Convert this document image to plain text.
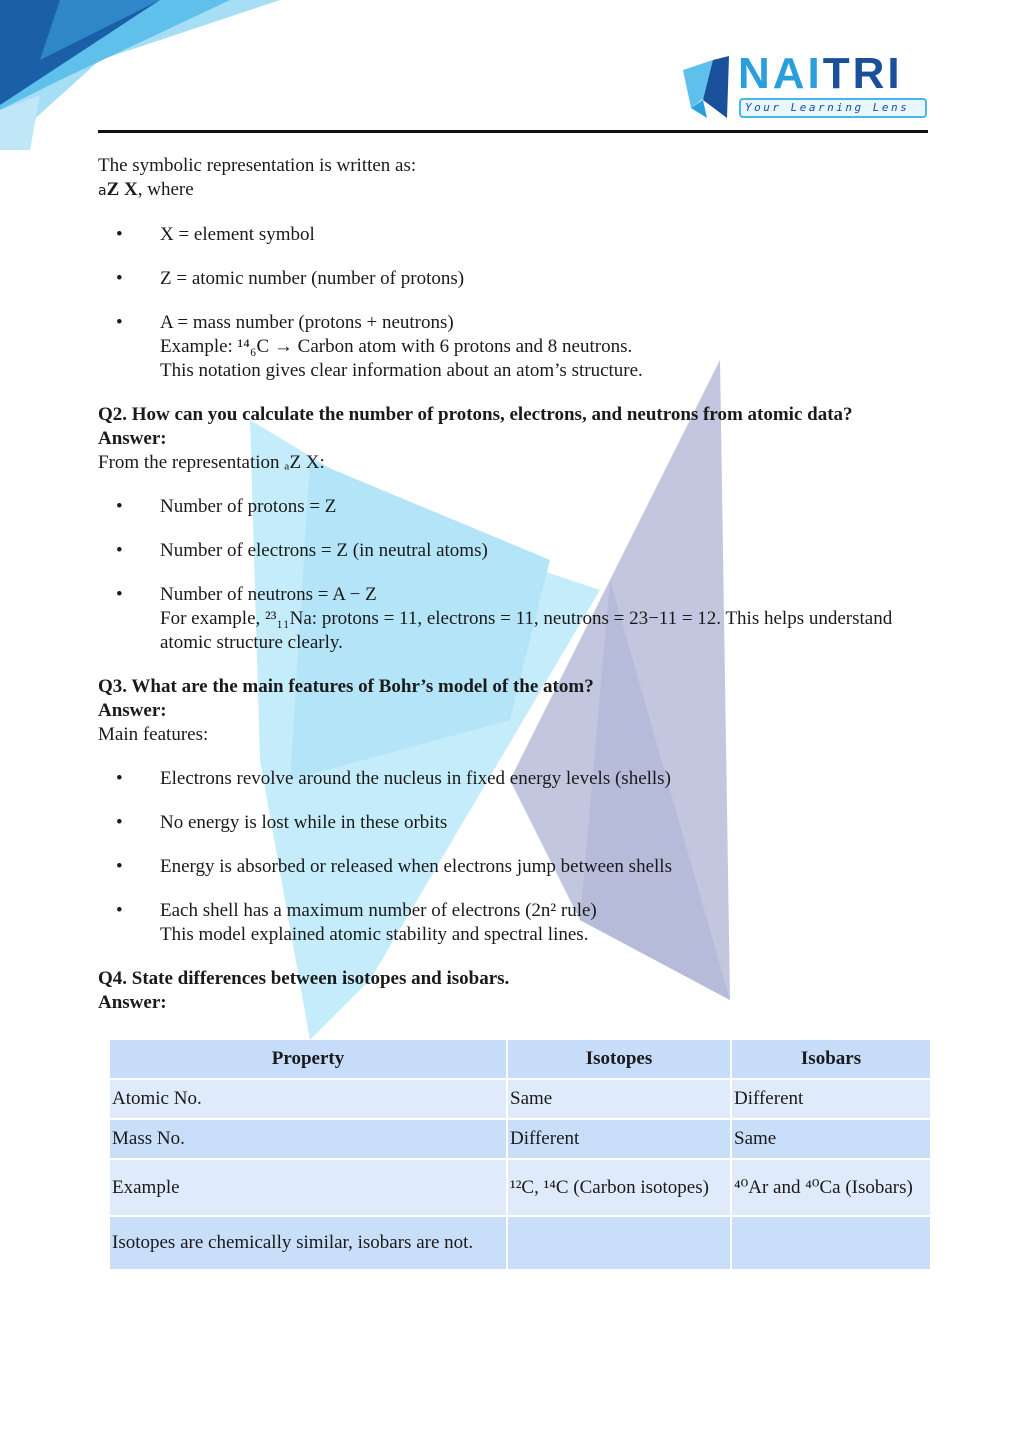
NAITRI
Your Learning Lens

The symbolic representation is written as:

aZ X, where

• X = element symbol
• Z = atomic number (number of protons)
• A = mass number (protons + neutrons)
Example: ¹⁴₆C → Carbon atom with 6 protons and 8 neutrons.
This notation gives clear information about an atom’s structure.

Q2. How can you calculate the number of protons, electrons, and neutrons from atomic data?

Answer:

From the representation ₐZ X:

• Number of protons = Z
• Number of electrons = Z (in neutral atoms)
• Number of neutrons = A − Z
For example, ²³₁₁Na: protons = 11, electrons = 11, neutrons = 23−11 = 12. This helps understand atomic structure clearly.

Q3. What are the main features of Bohr’s model of the atom?

Answer:

Main features:

• Electrons revolve around the nucleus in fixed energy levels (shells)
• No energy is lost while in these orbits
• Energy is absorbed or released when electrons jump between shells
• Each shell has a maximum number of electrons (2n² rule)
This model explained atomic stability and spectral lines.

Q4. State differences between isotopes and isobars.

Answer:

Property	Isotopes	Isobars
Atomic No.	Same	Different
Mass No.	Different	Same
Example	¹²C, ¹⁴C (Carbon isotopes)	⁴⁰Ar and ⁴⁰Ca (Isobars)
Isotopes are chemically similar, isobars are not.		
